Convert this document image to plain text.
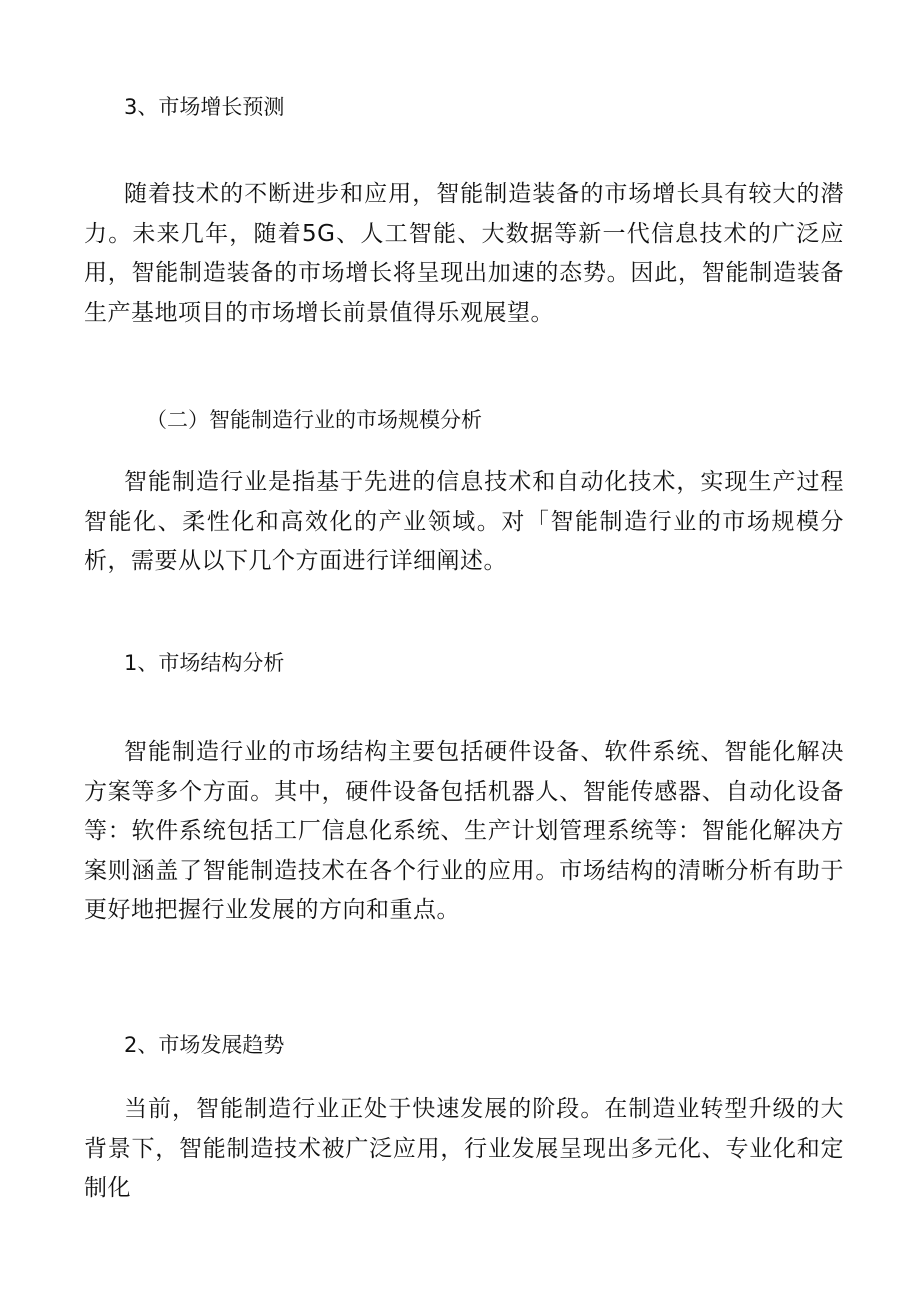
3、市场增长预测

随着技术的不断进步和应用，智能制造装备的市场增长具有较大的潜力。未来几年，随着5G、人工智能、大数据等新一代信息技术的广泛应用，智能制造装备的市场增长将呈现出加速的态势。因此，智能制造装备生产基地项目的市场增长前景值得乐观展望。

（二）智能制造行业的市场规模分析

智能制造行业是指基于先进的信息技术和自动化技术，实现生产过程智能化、柔性化和高效化的产业领域。对「智能制造行业的市场规模分析，需要从以下几个方面进行详细阐述。

1、市场结构分析

智能制造行业的市场结构主要包括硬件设备、软件系统、智能化解决方案等多个方面。其中，硬件设备包括机器人、智能传感器、自动化设备等：软件系统包括工厂信息化系统、生产计划管理系统等：智能化解决方案则涵盖了智能制造技术在各个行业的应用。市场结构的清晰分析有助于更好地把握行业发展的方向和重点。

2、市场发展趋势

当前，智能制造行业正处于快速发展的阶段。在制造业转型升级的大背景下，智能制造技术被广泛应用，行业发展呈现出多元化、专业化和定制化
